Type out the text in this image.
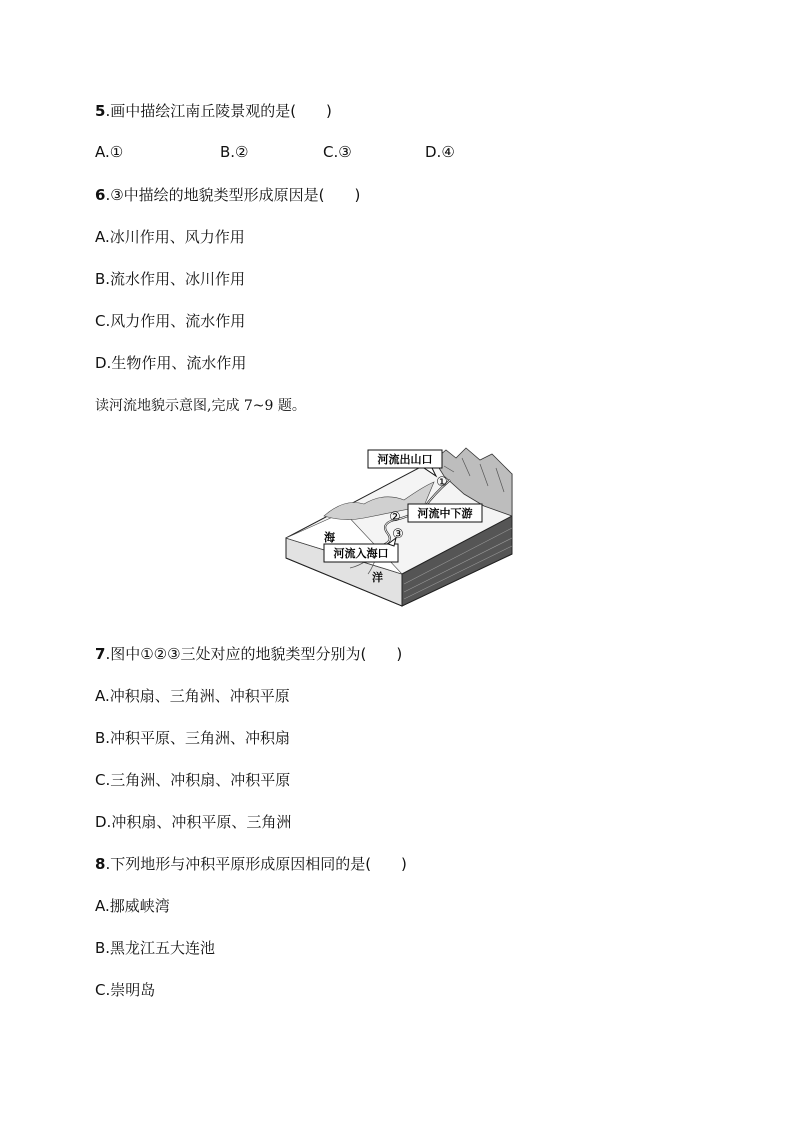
5.画中描绘江南丘陵景观的是(　　)
A.①	B.②	C.③	D.④
6.③中描绘的地貌类型形成原因是(　　)
A.冰川作用、风力作用
B.流水作用、冰川作用
C.风力作用、流水作用
D.生物作用、流水作用
读河流地貌示意图,完成 7~9 题。
河流出山口
①
河流中下游
②
河流入海口
③
海
洋
7.图中①②③三处对应的地貌类型分别为(　　)
A.冲积扇、三角洲、冲积平原
B.冲积平原、三角洲、冲积扇
C.三角洲、冲积扇、冲积平原
D.冲积扇、冲积平原、三角洲
8.下列地形与冲积平原形成原因相同的是(　　)
A.挪威峡湾
B.黑龙江五大连池
C.崇明岛
